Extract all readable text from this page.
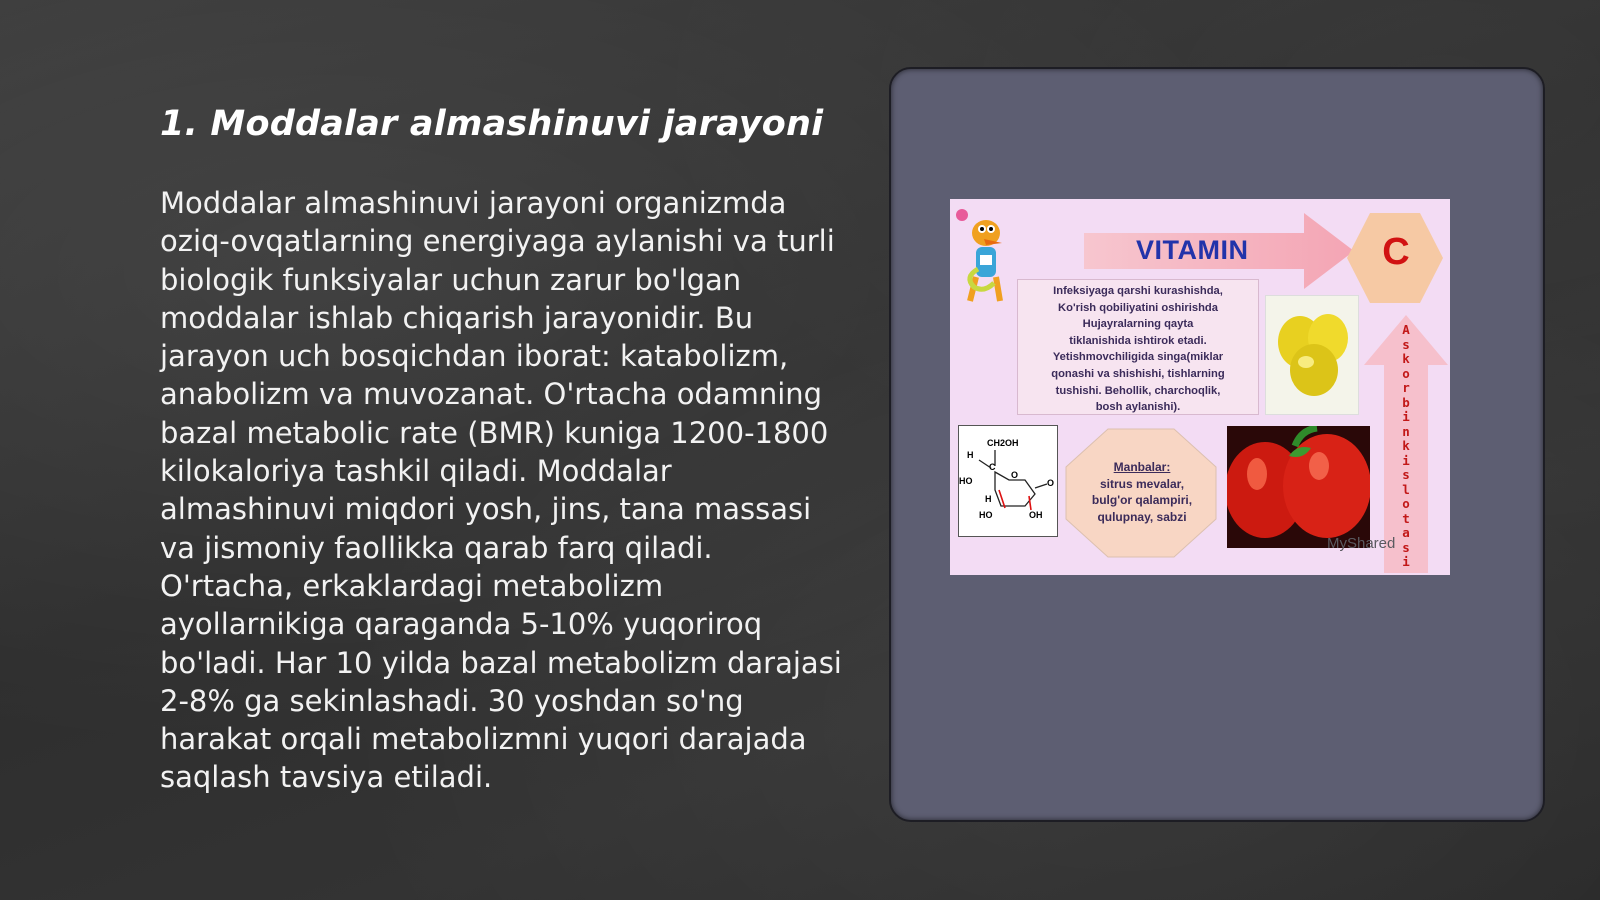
1. Moddalar almashinuvi jarayoni

Moddalar almashinuvi jarayoni organizmda oziq-ovqatlarning energiyaga aylanishi va turli biologik funksiyalar uchun zarur bo'lgan moddalar ishlab chiqarish jarayonidir. Bu jarayon uch bosqichdan iborat: katabolizm, anabolizm va muvozanat. O'rtacha odamning bazal metabolic rate (BMR) kuniga 1200-1800 kilokaloriya tashkil qiladi. Moddalar almashinuvi miqdori yosh, jins, tana massasi va jismoniy faollikka qarab farq qiladi. O'rtacha, erkaklardagi metabolizm ayollarnikiga qaraganda 5-10% yuqoriroq bo'ladi. Har 10 yilda bazal metabolizm darajasi 2-8% ga sekinlashadi. 30 yoshdan so'ng harakat orqali metabolizmni yuqori darajada saqlash tavsiya etiladi.

VITAMIN	C
Infeksiyaga qarshi kurashishda,
Ko'rish qobiliyatini oshirishda
Hujayralarning qayta
tiklanishida ishtirok etadi.
Yetishmovchiligida singa(miklar
qonashi va shishishi, tishlarning
tushishi. Behollik, charchoqlik,
bosh aylanishi).
Askorbin kislotasi
CH2OH
H
C
O
HO
H
O
HO	OH
Manbalar:
sitrus mevalar,
bulg'or qalampiri,
qulupnay, sabzi
MyShared
